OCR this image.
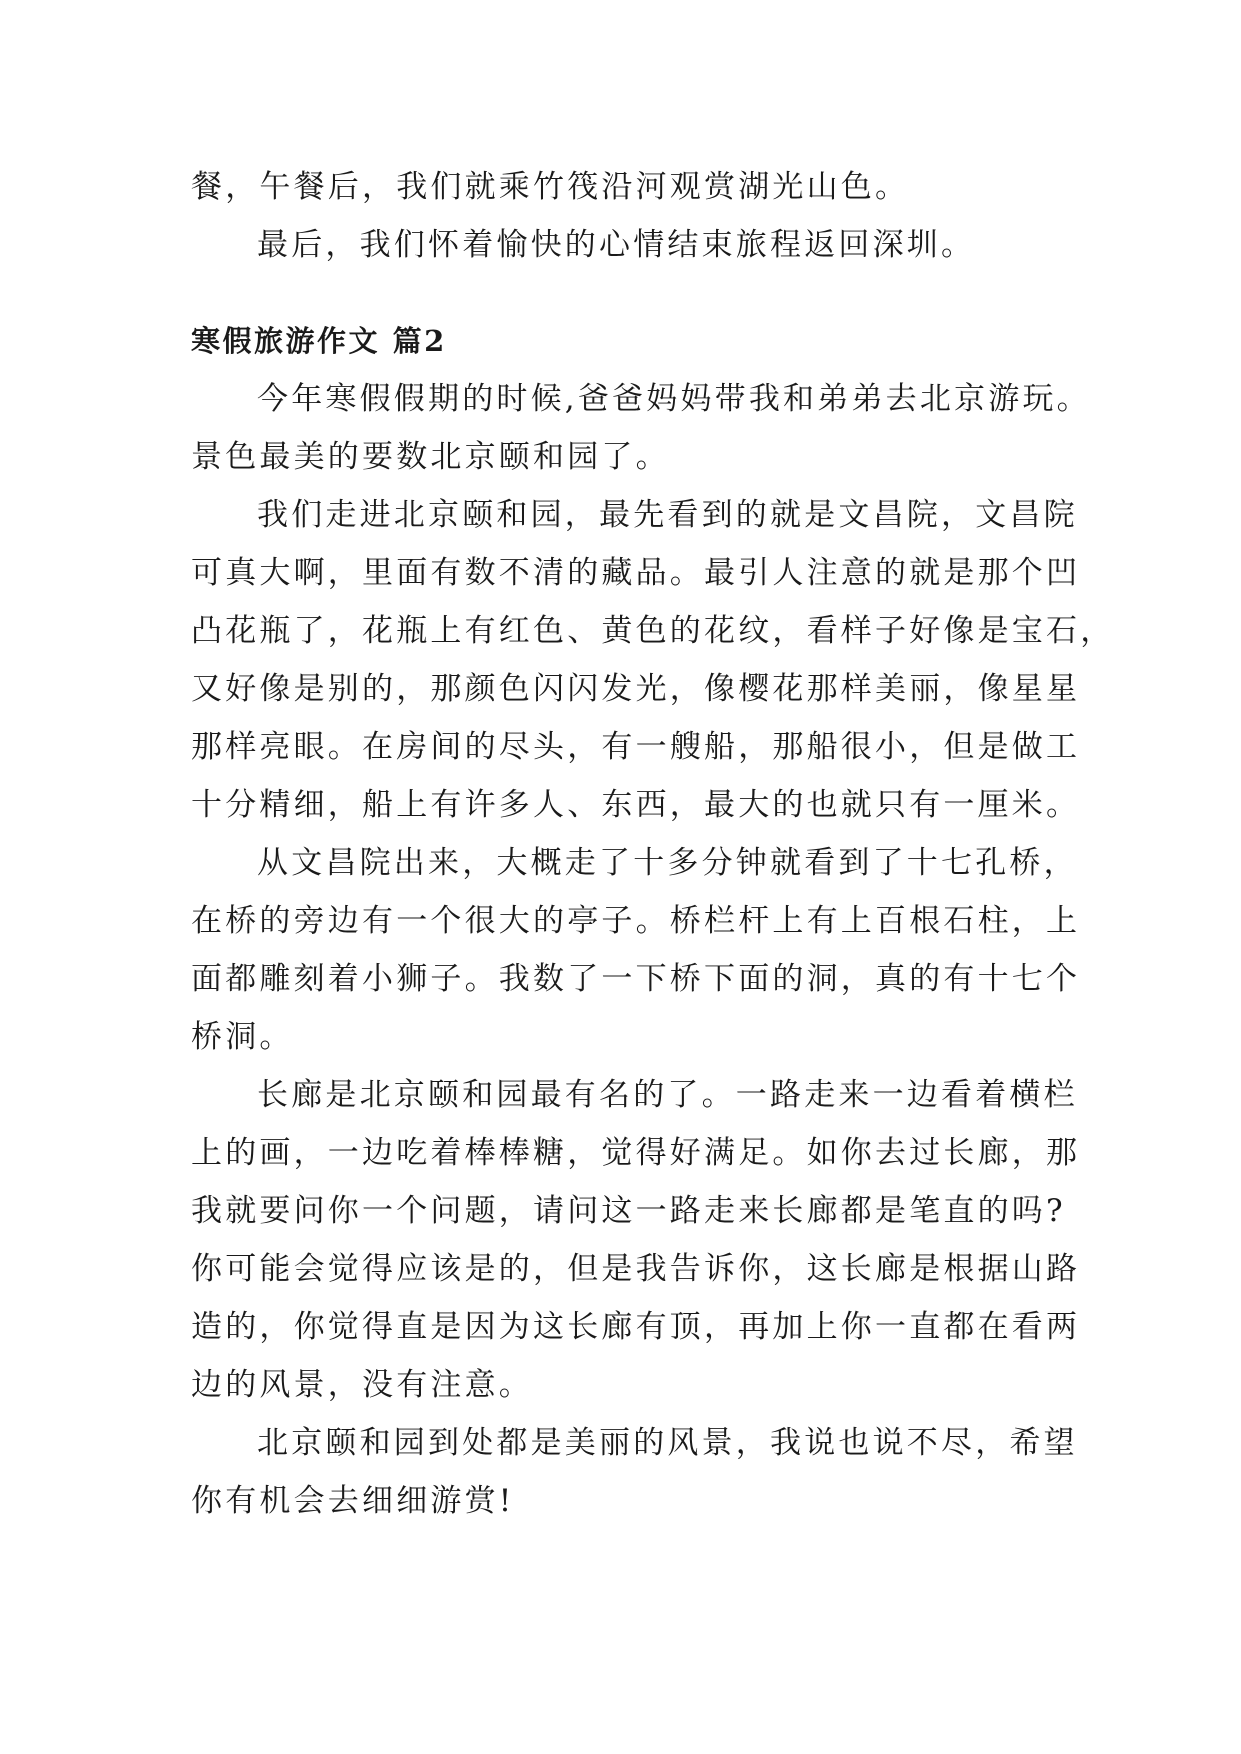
餐，午餐后，我们就乘竹筏沿河观赏湖光山色。

最后，我们怀着愉快的心情结束旅程返回深圳。

寒假旅游作文 篇2

今年寒假假期的时候,爸爸妈妈带我和弟弟去北京游玩。
景色最美的要数北京颐和园了。

我们走进北京颐和园，最先看到的就是文昌院，文昌院
可真大啊，里面有数不清的藏品。最引人注意的就是那个凹
凸花瓶了，花瓶上有红色、黄色的花纹，看样子好像是宝石，
又好像是别的，那颜色闪闪发光，像樱花那样美丽，像星星
那样亮眼。在房间的尽头，有一艘船，那船很小，但是做工
十分精细，船上有许多人、东西，最大的也就只有一厘米。

从文昌院出来，大概走了十多分钟就看到了十七孔桥，
在桥的旁边有一个很大的亭子。桥栏杆上有上百根石柱，上
面都雕刻着小狮子。我数了一下桥下面的洞，真的有十七个
桥洞。

长廊是北京颐和园最有名的了。一路走来一边看着横栏
上的画，一边吃着棒棒糖，觉得好满足。如你去过长廊，那
我就要问你一个问题，请问这一路走来长廊都是笔直的吗?
你可能会觉得应该是的，但是我告诉你，这长廊是根据山路
造的，你觉得直是因为这长廊有顶，再加上你一直都在看两
边的风景，没有注意。

北京颐和园到处都是美丽的风景，我说也说不尽，希望
你有机会去细细游赏!
